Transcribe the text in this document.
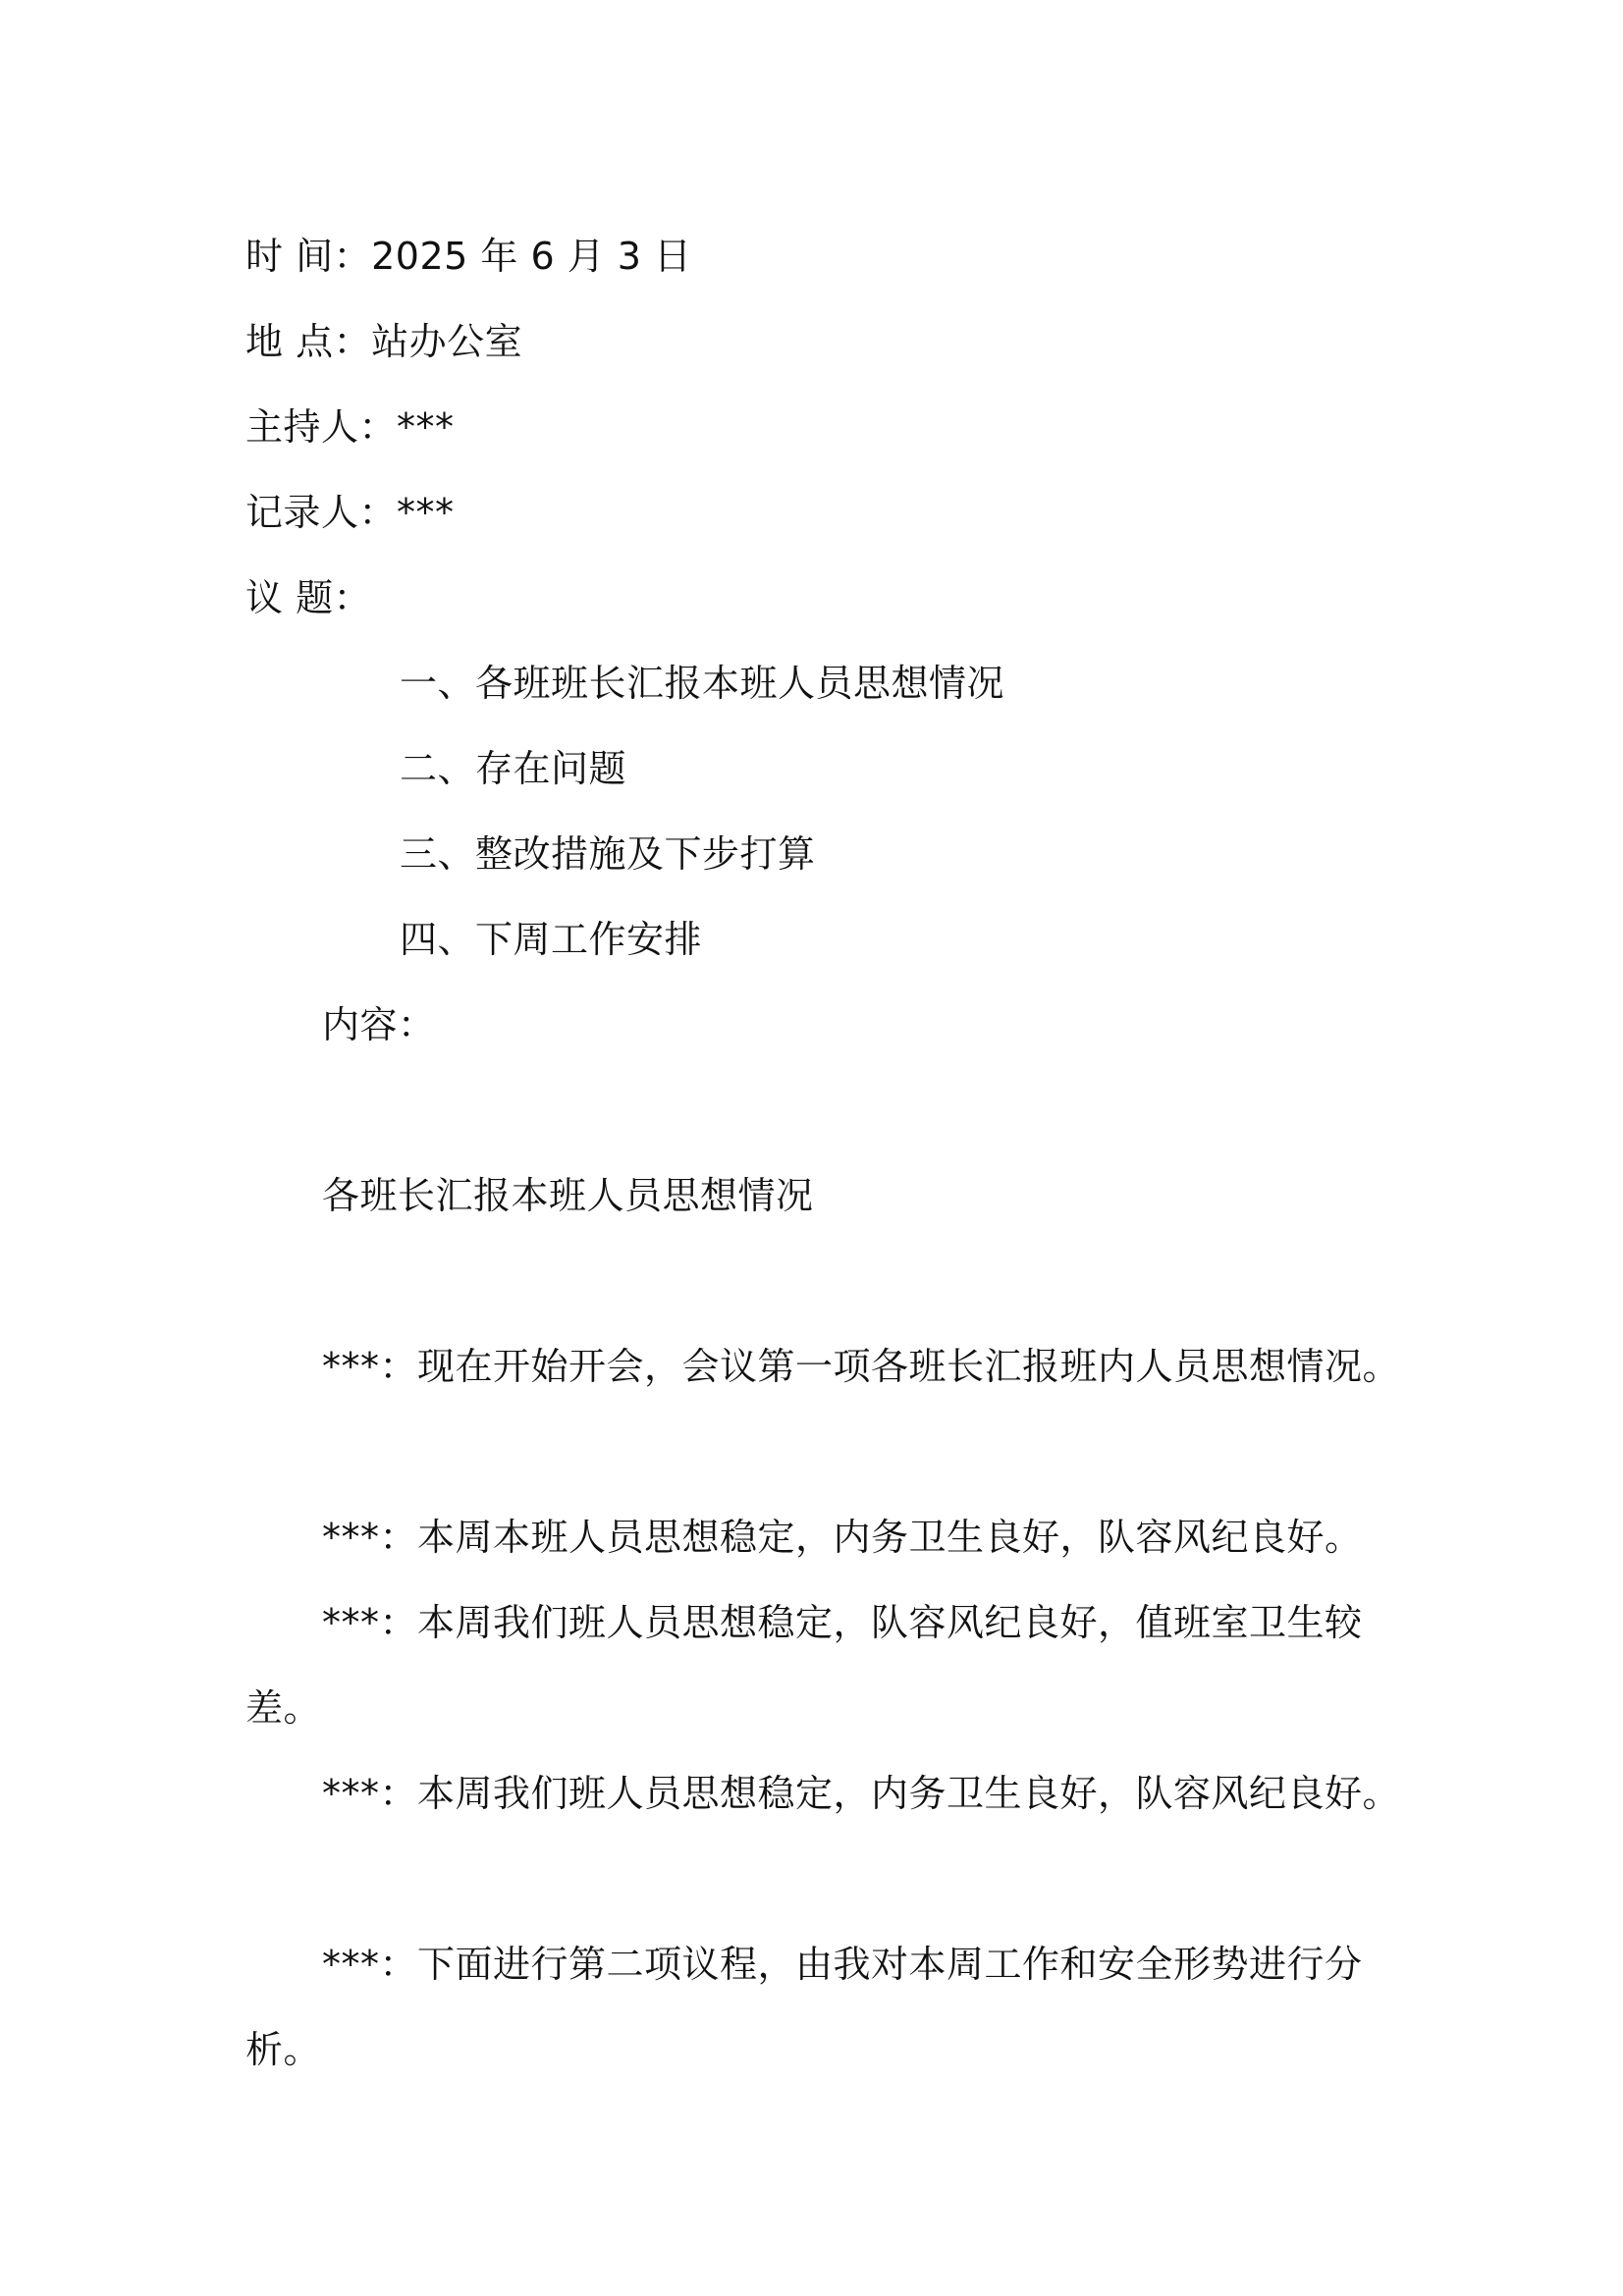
时 间：2025 年 6 月 3 日
地 点：站办公室
主持人：***
记录人：***
议 题：
一、各班班长汇报本班人员思想情况
二、存在问题
三、整改措施及下步打算
四、下周工作安排
内容：
各班长汇报本班人员思想情况
***：现在开始开会，会议第一项各班长汇报班内人员思想情况。
***：本周本班人员思想稳定，内务卫生良好，队容风纪良好。
***：本周我们班人员思想稳定，队容风纪良好，值班室卫生较
差。
***：本周我们班人员思想稳定，内务卫生良好，队容风纪良好。
***：下面进行第二项议程，由我对本周工作和安全形势进行分
析。
